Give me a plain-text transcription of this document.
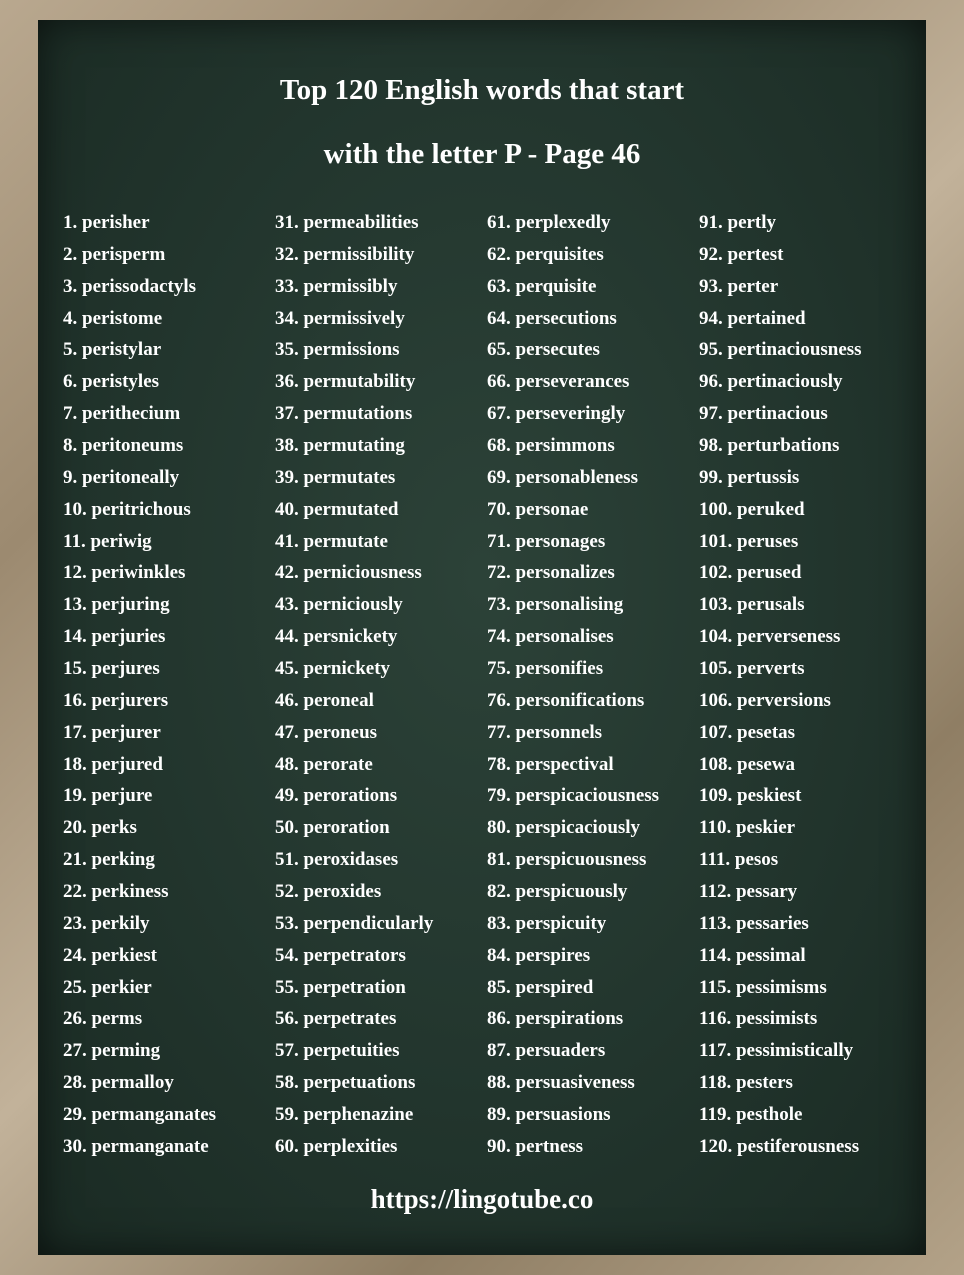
Top 120 English words that start
with the letter P - Page 46
1. perisher
2. perisperm
3. perissodactyls
4. peristome
5. peristylar
6. peristyles
7. perithecium
8. peritoneums
9. peritoneally
10. peritrichous
11. periwig
12. periwinkles
13. perjuring
14. perjuries
15. perjures
16. perjurers
17. perjurer
18. perjured
19. perjure
20. perks
21. perking
22. perkiness
23. perkily
24. perkiest
25. perkier
26. perms
27. perming
28. permalloy
29. permanganates
30. permanganate
31. permeabilities
32. permissibility
33. permissibly
34. permissively
35. permissions
36. permutability
37. permutations
38. permutating
39. permutates
40. permutated
41. permutate
42. perniciousness
43. perniciously
44. persnickety
45. pernickety
46. peroneal
47. peroneus
48. perorate
49. perorations
50. peroration
51. peroxidases
52. peroxides
53. perpendicularly
54. perpetrators
55. perpetration
56. perpetrates
57. perpetuities
58. perpetuations
59. perphenazine
60. perplexities
61. perplexedly
62. perquisites
63. perquisite
64. persecutions
65. persecutes
66. perseverances
67. perseveringly
68. persimmons
69. personableness
70. personae
71. personages
72. personalizes
73. personalising
74. personalises
75. personifies
76. personifications
77. personnels
78. perspectival
79. perspicaciousness
80. perspicaciously
81. perspicuousness
82. perspicuously
83. perspicuity
84. perspires
85. perspired
86. perspirations
87. persuaders
88. persuasiveness
89. persuasions
90. pertness
91. pertly
92. pertest
93. perter
94. pertained
95. pertinaciousness
96. pertinaciously
97. pertinacious
98. perturbations
99. pertussis
100. peruked
101. peruses
102. perused
103. perusals
104. perverseness
105. perverts
106. perversions
107. pesetas
108. pesewa
109. peskiest
110. peskier
111. pesos
112. pessary
113. pessaries
114. pessimal
115. pessimisms
116. pessimists
117. pessimistically
118. pesters
119. pesthole
120. pestiferousness
https://lingotube.co
